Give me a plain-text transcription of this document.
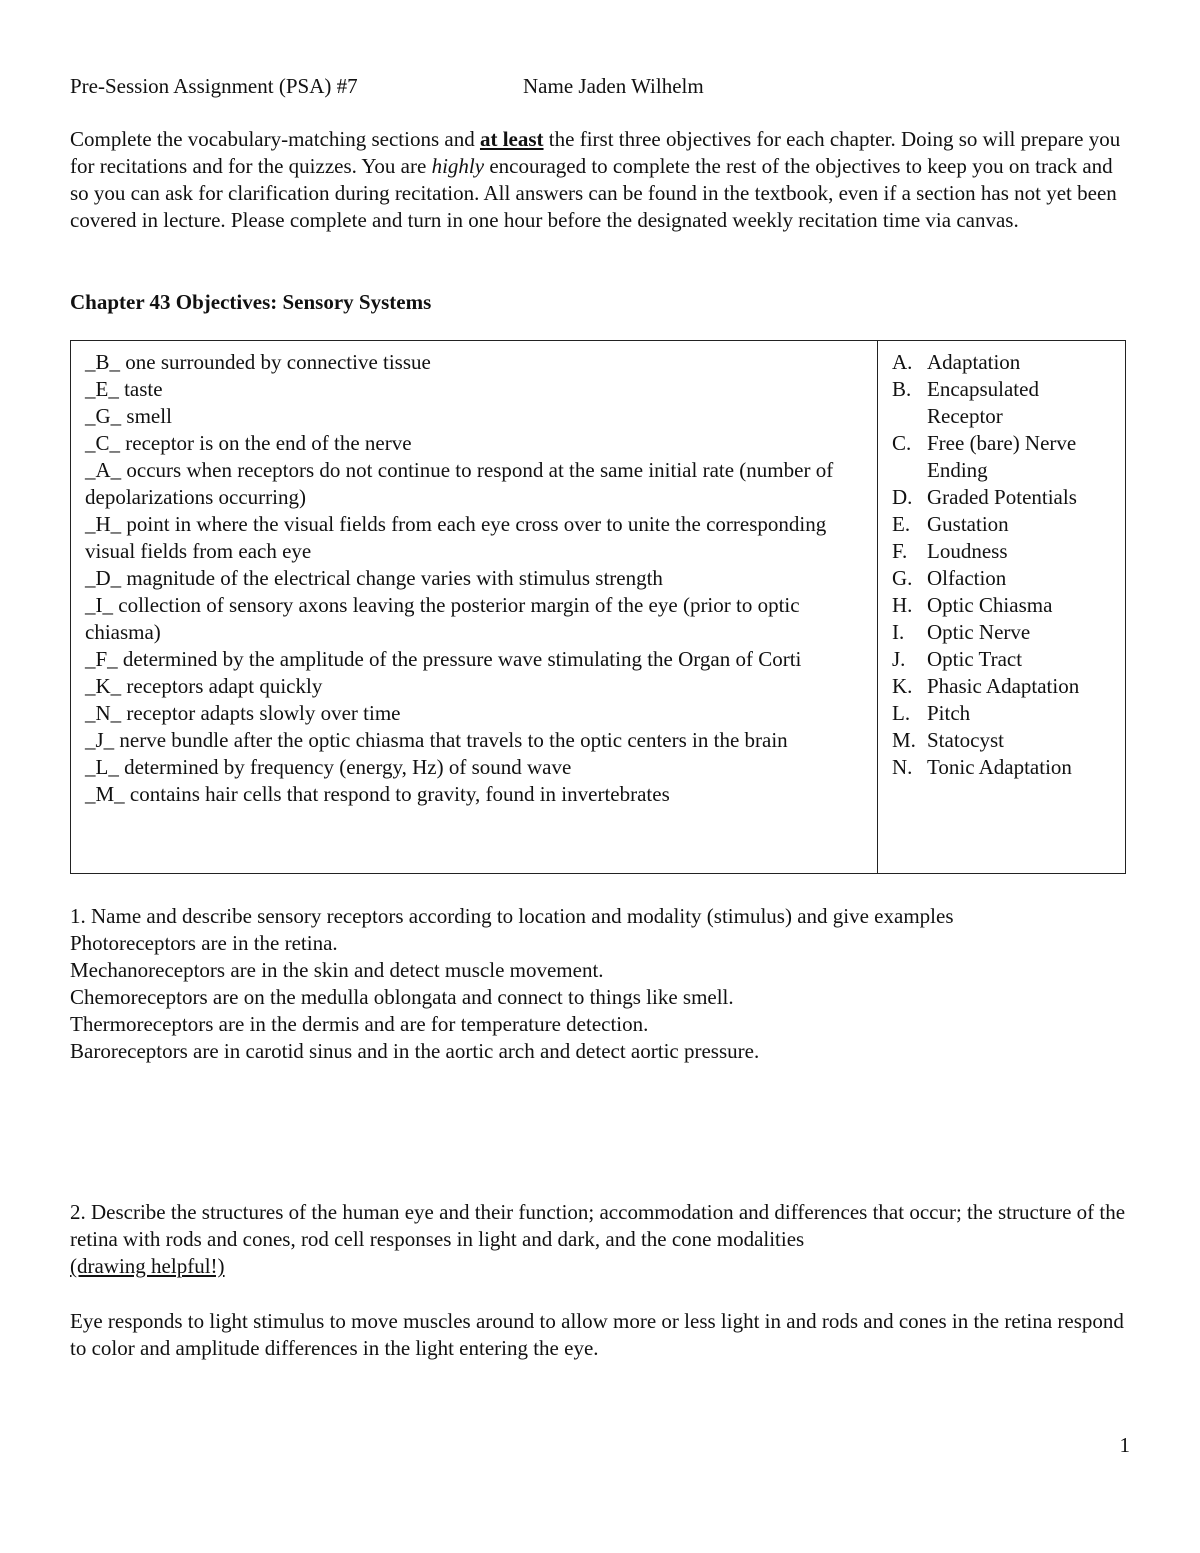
Pre-Session Assignment (PSA) #7	Name Jaden Wilhelm

Complete the vocabulary-matching sections and at least the first three objectives for each chapter. Doing so will prepare you for recitations and for the quizzes. You are highly encouraged to complete the rest of the objectives to keep you on track and so you can ask for clarification during recitation. All answers can be found in the textbook, even if a section has not yet been covered in lecture. Please complete and turn in one hour before the designated weekly recitation time via canvas.

Chapter 43 Objectives: Sensory Systems

_B_ one surrounded by connective tissue

_E_ taste

_G_ smell

_C_ receptor is on the end of the nerve

_A_ occurs when receptors do not continue to respond at the same initial rate (number of depolarizations occurring)

_H_ point in where the visual fields from each eye cross over to unite the corresponding visual fields from each eye

_D_ magnitude of the electrical change varies with stimulus strength

_I_ collection of sensory axons leaving the posterior margin of the eye (prior to optic chiasma)

_F_ determined by the amplitude of the pressure wave stimulating the Organ of Corti

_K_ receptors adapt quickly

_N_ receptor adapts slowly over time

_J_ nerve bundle after the optic chiasma that travels to the optic centers in the brain

_L_ determined by frequency (energy, Hz) of sound wave

_M_ contains hair cells that respond to gravity, found in invertebrates

A. Adaptation
B. Encapsulated Receptor
C. Free (bare) Nerve Ending
D. Graded Potentials
E. Gustation
F. Loudness
G. Olfaction
H. Optic Chiasma
I.	Optic Nerve
J.	Optic Tract
K. Phasic Adaptation
L. Pitch
M. Statocyst
N. Tonic Adaptation

1. Name and describe sensory receptors according to location and modality (stimulus) and give examples

Photoreceptors are in the retina.

Mechanoreceptors are in the skin and detect muscle movement.

Chemoreceptors are on the medulla oblongata and connect to things like smell.

Thermoreceptors are in the dermis and are for temperature detection.

Baroreceptors are in carotid sinus and in the aortic arch and detect aortic pressure.

2. Describe the structures of the human eye and their function; accommodation and differences that occur; the structure of the retina with rods and cones, rod cell responses in light and dark, and the cone modalities

(drawing helpful!)

Eye responds to light stimulus to move muscles around to allow more or less light in and rods and cones in the retina respond to color and amplitude differences in the light entering the eye.
1
